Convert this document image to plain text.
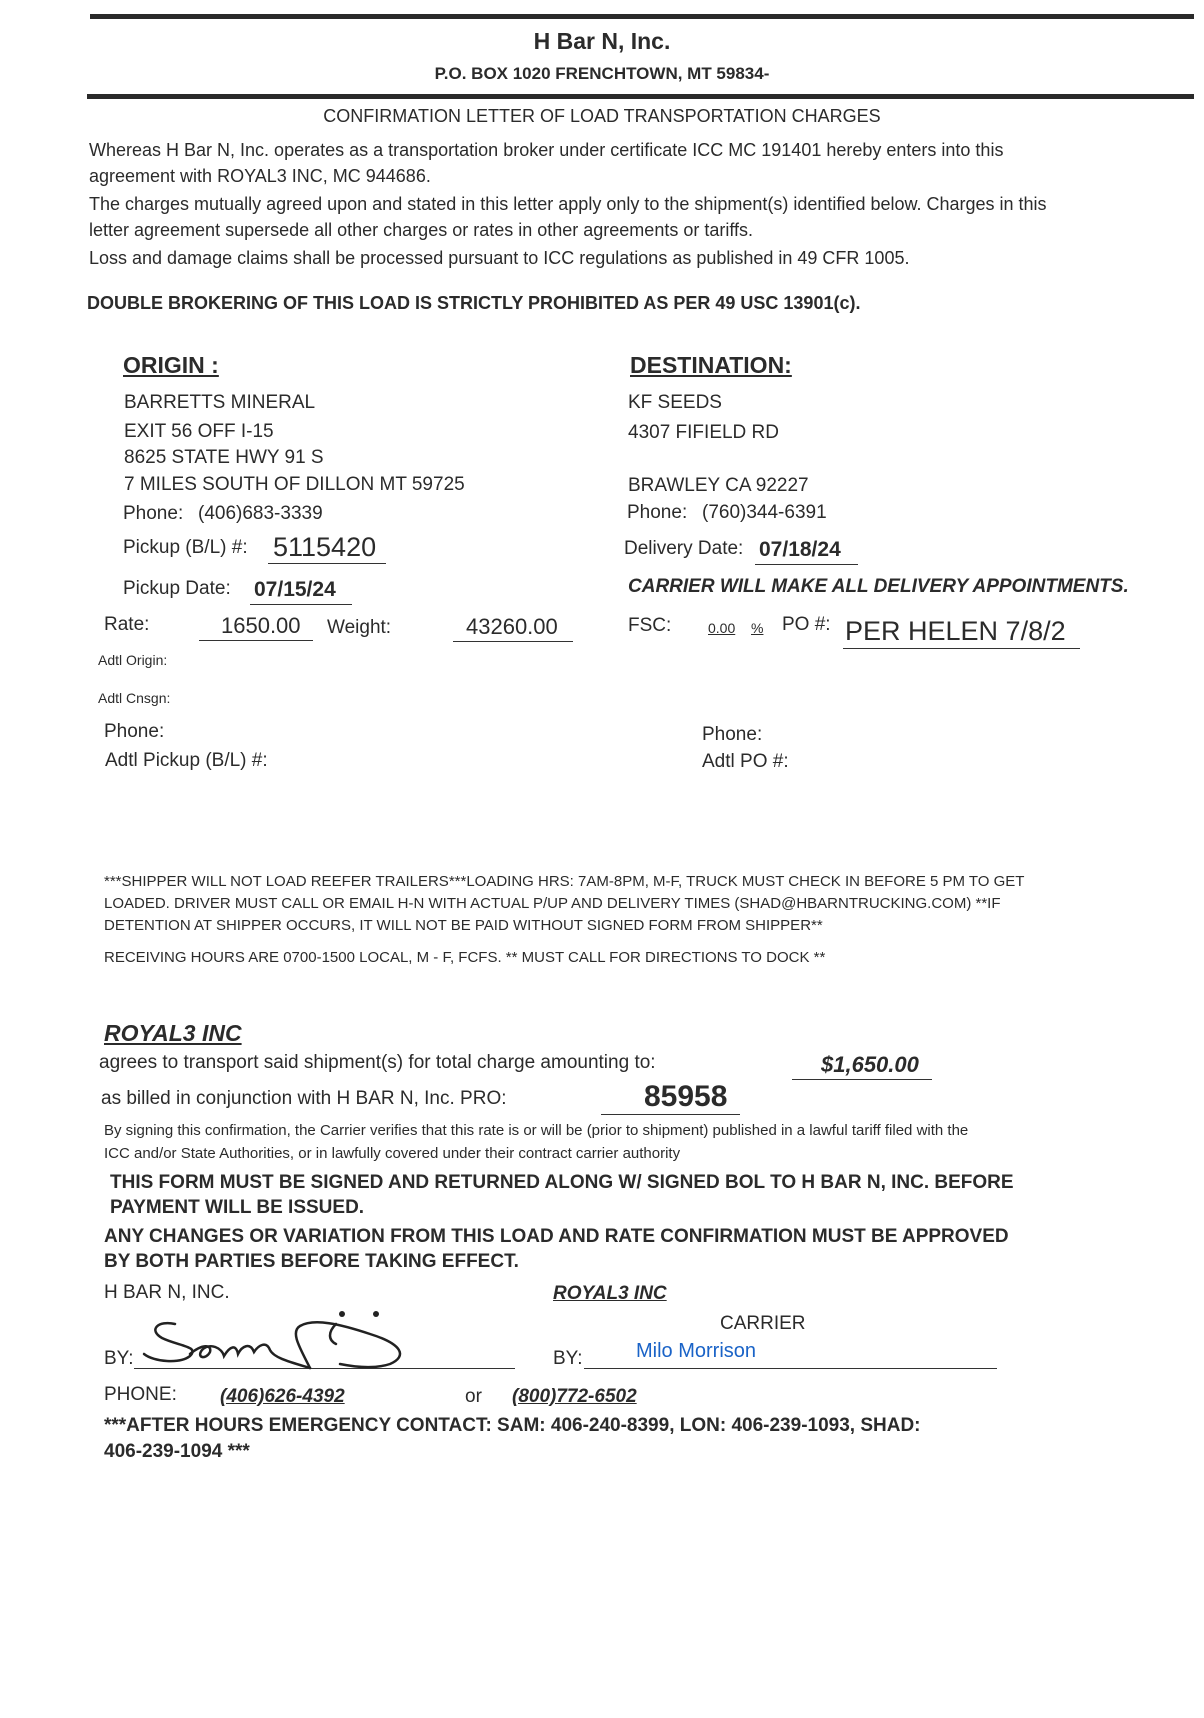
H Bar N, Inc.
P.O. BOX 1020 FRENCHTOWN, MT 59834-
CONFIRMATION LETTER OF LOAD TRANSPORTATION CHARGES
Whereas H Bar N, Inc. operates as a transportation broker under certificate ICC MC 191401 hereby enters into this
agreement with ROYAL3 INC, MC 944686.
The charges mutually agreed upon and stated in this letter apply only to the shipment(s) identified below. Charges in this
letter agreement supersede all other charges or rates in other agreements or tariffs.
Loss and damage claims shall be processed pursuant to ICC regulations as published in 49 CFR 1005.
DOUBLE BROKERING OF THIS LOAD IS STRICTLY PROHIBITED AS PER 49 USC 13901(c).
ORIGIN :
BARRETTS MINERAL
EXIT 56 OFF I-15
8625 STATE HWY 91 S
7 MILES SOUTH OF DILLON MT 59725
Phone: (406)683-3339
Pickup (B/L) #: 5115420
Pickup Date: 07/15/24
Rate:	1650.00 Weight:	43260.00
Adtl Origin:
Adtl Cnsgn:
Phone:
Adtl Pickup (B/L) #:
DESTINATION:
KF SEEDS
4307 FIFIELD RD
BRAWLEY CA 92227
Phone: (760)344-6391
Delivery Date: 07/18/24
CARRIER WILL MAKE ALL DELIVERY APPOINTMENTS.
FSC:	0.00 % PO #: PER HELEN 7/8/2
Phone:
Adtl PO #:
***SHIPPER WILL NOT LOAD REEFER TRAILERS***LOADING HRS: 7AM-8PM, M-F, TRUCK MUST CHECK IN BEFORE 5 PM TO GET
LOADED. DRIVER MUST CALL OR EMAIL H-N WITH ACTUAL P/UP AND DELIVERY TIMES (SHAD@HBARNTRUCKING.COM) **IF
DETENTION AT SHIPPER OCCURS, IT WILL NOT BE PAID WITHOUT SIGNED FORM FROM SHIPPER**
RECEIVING HOURS ARE 0700-1500 LOCAL, M - F, FCFS. ** MUST CALL FOR DIRECTIONS TO DOCK **
ROYAL3 INC
agrees to transport said shipment(s) for total charge amounting to:	$1,650.00
as billed in conjunction with H BAR N, Inc. PRO:	85958
By signing this confirmation, the Carrier verifies that this rate is or will be (prior to shipment) published in a lawful tariff filed with the
ICC and/or State Authorities, or in lawfully covered under their contract carrier authority
THIS FORM MUST BE SIGNED AND RETURNED ALONG W/ SIGNED BOL TO H BAR N, INC. BEFORE
PAYMENT WILL BE ISSUED.
ANY CHANGES OR VARIATION FROM THIS LOAD AND RATE CONFIRMATION MUST BE APPROVED
BY BOTH PARTIES BEFORE TAKING EFFECT.
H BAR N, INC.	ROYAL3 INC
CARRIER
BY:	BY:	Milo Morrison
PHONE: (406)626-4392	or (800)772-6502
***AFTER HOURS EMERGENCY CONTACT: SAM: 406-240-8399, LON: 406-239-1093, SHAD:
406-239-1094 ***
